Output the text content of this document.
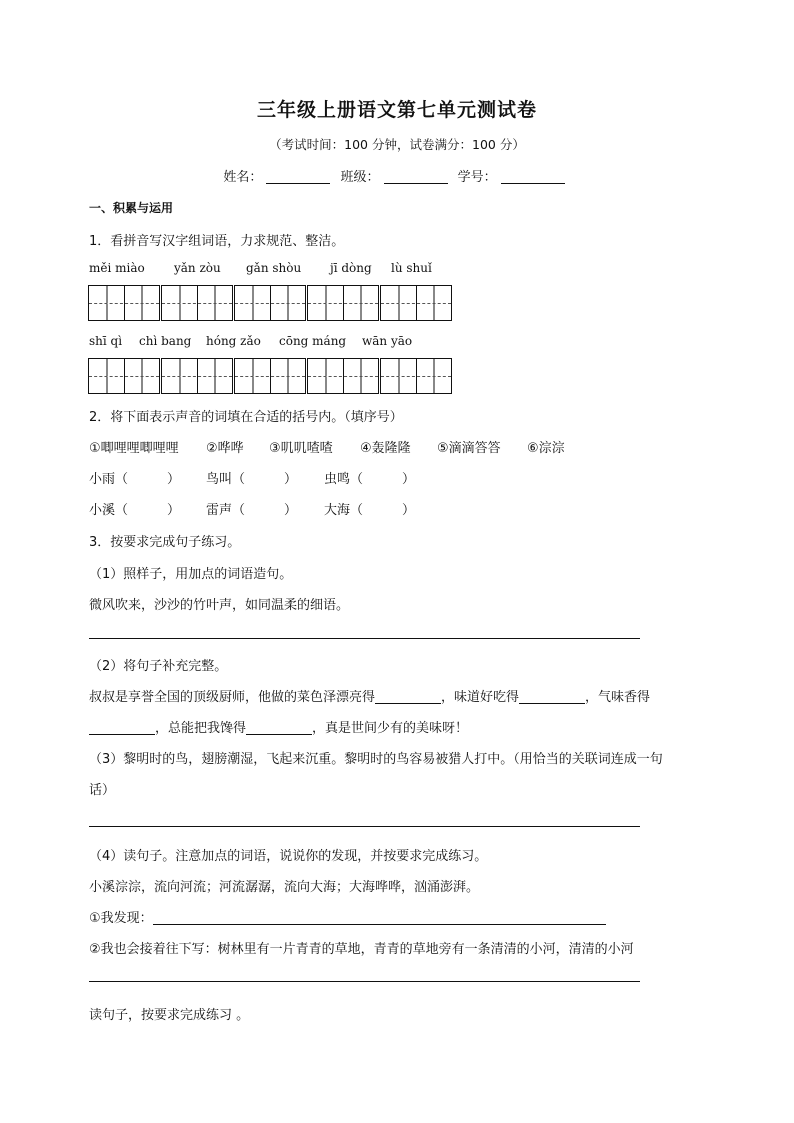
三年级上册语文第七单元测试卷
（考试时间：100 分钟，试卷满分：100 分）
姓名：	班级：	学号：
一、积累与运用
1．看拼音写汉字组词语，力求规范、整洁。
měi miào yǎn zòu gǎn shòu jī dòng lù shuǐ
shī qì chì bang hóng zǎo cōng máng wān yāo
2．将下面表示声音的词填在合适的括号内。（填序号）
①唧哩哩唧哩哩 ②哗哗 ③叽叽喳喳 ④轰隆隆 ⑤滴滴答答 ⑥淙淙
小雨（　　　） 鸟叫（　　　） 虫鸣（　　　）
小溪（　　　） 雷声（　　　） 大海（　　　）
3．按要求完成句子练习。
（1）照样子，用加点的词语造句。
微风吹来，沙沙的竹叶声，如同温柔的细语。
（2）将句子补充完整。
叔叔是享誉全国的顶级厨师，他做的菜色泽漂亮得	，味道好吃得	，气味香得
，总能把我馋得	，真是世间少有的美味呀！
（3）黎明时的鸟，翅膀潮湿，飞起来沉重。黎明时的鸟容易被猎人打中。（用恰当的关联词连成一句
话）
（4）读句子。注意加点的词语，说说你的发现，并按要求完成练习。
小溪淙淙，流向河流；河流潺潺，流向大海；大海哗哗，汹涌澎湃。
①我发现：
②我也会接着往下写：树林里有一片青青的草地，青青的草地旁有一条清清的小河，清清的小河
读句子，按要求完成练习 。
